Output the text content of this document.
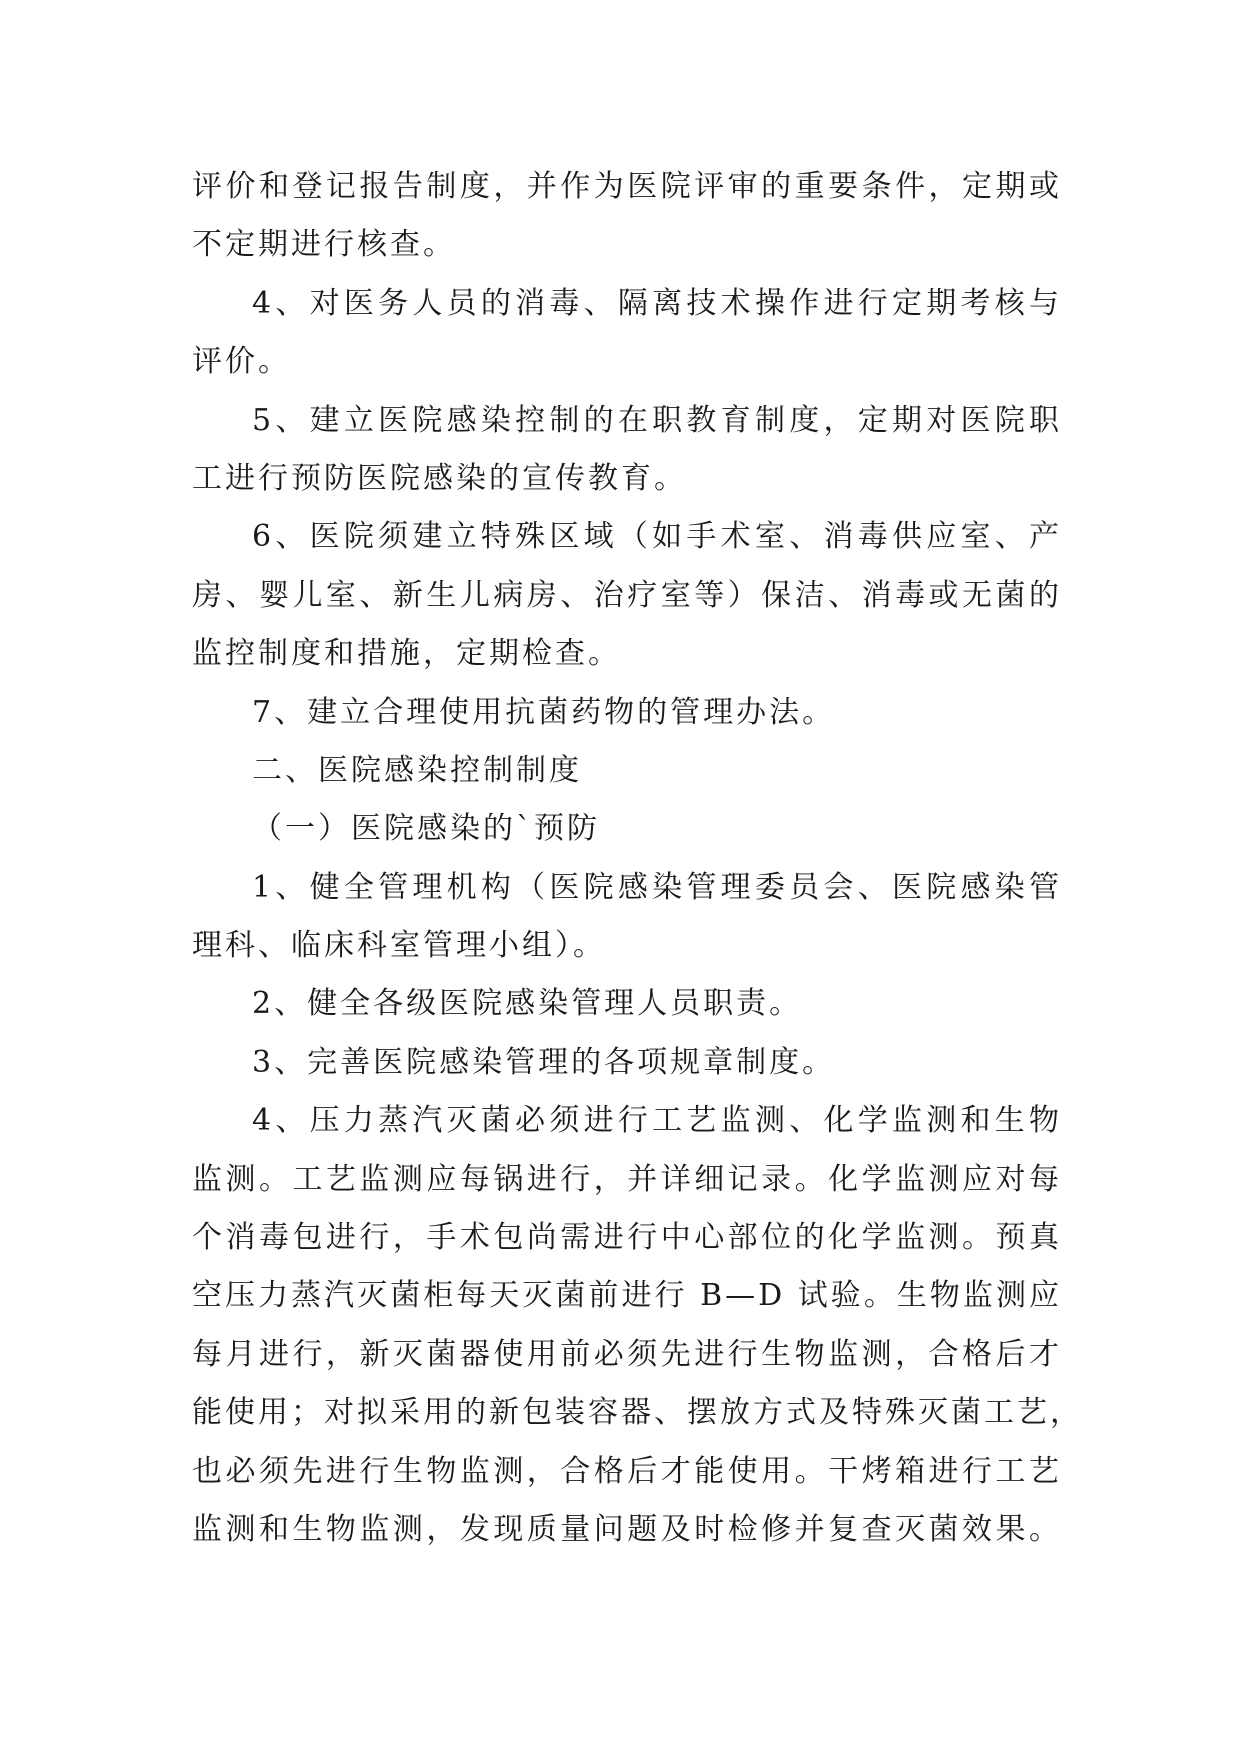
评价和登记报告制度，并作为医院评审的重要条件，定期或
不定期进行核查。
4、对医务人员的消毒、隔离技术操作进行定期考核与
评价。
5、建立医院感染控制的在职教育制度，定期对医院职
工进行预防医院感染的宣传教育。
6、医院须建立特殊区域（如手术室、消毒供应室、产
房、婴儿室、新生儿病房、治疗室等）保洁、消毒或无菌的
监控制度和措施，定期检查。
7、建立合理使用抗菌药物的管理办法。
二、医院感染控制制度
（一）医院感染的`预防
1、健全管理机构（医院感染管理委员会、医院感染管
理科、临床科室管理小组）。
2、健全各级医院感染管理人员职责。
3、完善医院感染管理的各项规章制度。
4、压力蒸汽灭菌必须进行工艺监测、化学监测和生物
监测。工艺监测应每锅进行，并详细记录。化学监测应对每
个消毒包进行，手术包尚需进行中心部位的化学监测。预真
空压力蒸汽灭菌柜每天灭菌前进行 B—D 试验。生物监测应
每月进行，新灭菌器使用前必须先进行生物监测，合格后才
能使用；对拟采用的新包装容器、摆放方式及特殊灭菌工艺，
也必须先进行生物监测，合格后才能使用。干烤箱进行工艺
监测和生物监测，发现质量问题及时检修并复查灭菌效果。
